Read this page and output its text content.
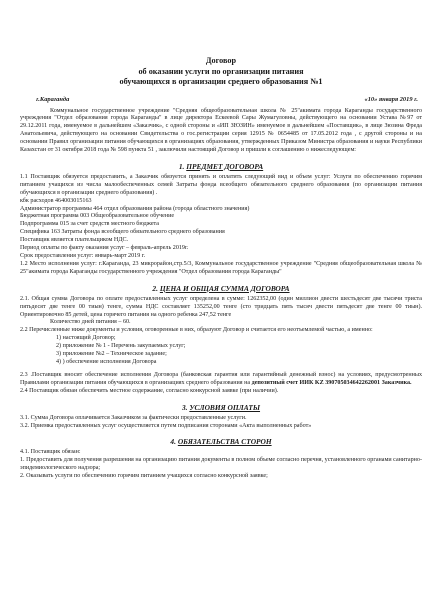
Договор
об оказании услуги по организации питания
обучающихся в организации среднего образования №1
г.Караганда	«10» января 2019 г.

Коммунальное государственное учреждение "Средняя общеобразовательная школа № 25"акимата города Караганды государственного учреждения "Отдел образования города Караганды" в лице директора Ескеевой Сары Жумагуловны, действующего на основании Устава №97 от 29.12.2011 года, именуемое в дальнейшем «Заказчик», с одной стороны и «ИП ЗЮЗИН» именуемое в дальнейшем «Поставщик», в лице Зюзина Фреда Анатольевича, действующего на основании Свидетельства о гос.регистрации серия 12915 № 0654485 от 17.05.2012 года , с другой стороны и на основании Правил организации питания обучающихся в организациях образования, утвержденных Приказом Министра образования и науки Республики Казахстан от 31 октября 2018 года № 598 пункта 51 , заключили настоящий Договор и пришли к соглашению о нижеследующем:

1. ПРЕДМЕТ ДОГОВОРА

1.1 Поставщик обязуется предоставить, а Заказчик обязуется принять и оплатить следующий вид и объем услуг: Услуги по обеспечению горячим питанием учащихся из числа малообеспеченных семей Затраты фонда всеобщего обязательного среднего образования (по организации питания обучающихся в организации среднего образования) .

кбк расходов 464003015163

Администратор программы 464 отдел образования района (города областного значения)

Бюджетная программа 003 Общеобразовательное обучение

Подпрограмма 015 за счет средств местного бюджета

Специфика 163 Затраты фонда всеобщего обязательного среднего образования

Поставщик является плательщиком НДС.

Период оплаты по факту оказания услуг – февраль-апрель 2019г.

Срок предоставления услуг: январь-март 2019 г.

1.2 Место исполнения услуг: г.Караганда, 23 микрорайон,стр.5/3, Коммунальное государственное учреждение "Средняя общеобразовательная школа № 25"акимата города Караганды государственного учреждения "Отдел образования города Караганды"

2. ЦЕНА И ОБЩАЯ СУММА ДОГОВОРА

2.1. Общая сумма Договора по оплате предоставленных услуг определена в сумме: 1262352,00 (один миллион двести шестьдесят две тысячи триста пятьдесят две тенге 00 тиын) тенге, сумма НДС составляет 135252,00 тенге (сто тридцать пять тысяч двести пятьдесят две тенге 00 тиын). Ориентировочно 85 детей, цена горячего питания на одного ребенка 247,52 тенге

Количество дней питания – 60.

2.2 Перечисленные ниже документы и условия, оговоренные в них, образуют Договор и считается его неотъемлемой частью, а именно:

1) настоящий Договор;
2) приложение № 1 - Перечень закупаемых услуг;
3) приложение №2 – Техническое задание;
4) ) обеспечение исполнения Договора

2.3 .Поставщик вносит обеспечение исполнения Договора (банковская гарантия или гарантийный денежный взнос) на условиях, предусмотренных Правилами организации питания обучающихся в организациях среднего образования на депозитный счет ИИК KZ 390705034642262001 Заказчика.

2.4 Поставщик обязан обеспечить местное содержание, согласно конкурсной заявке (при наличии).

3. УСЛОВИЯ ОПЛАТЫ

3.1. Сумма Договора оплачивается Заказчиком за фактически предоставленные услуги.

3.2. Приемка предоставленных услуг осуществляется путем подписания сторонами «Акта выполненных работ»

4. ОБЯЗАТЕЛЬСТВА СТОРОН

4.1. Поставщик обязан:

1. Предоставить для получения разрешения на организацию питания документы в полном объеме согласно перечня, установленного органами санитарно-эпидемиологического надзора;

2. Оказывать услуги по обеспечению горячим питанием учащихся согласно конкурсной заявке;
